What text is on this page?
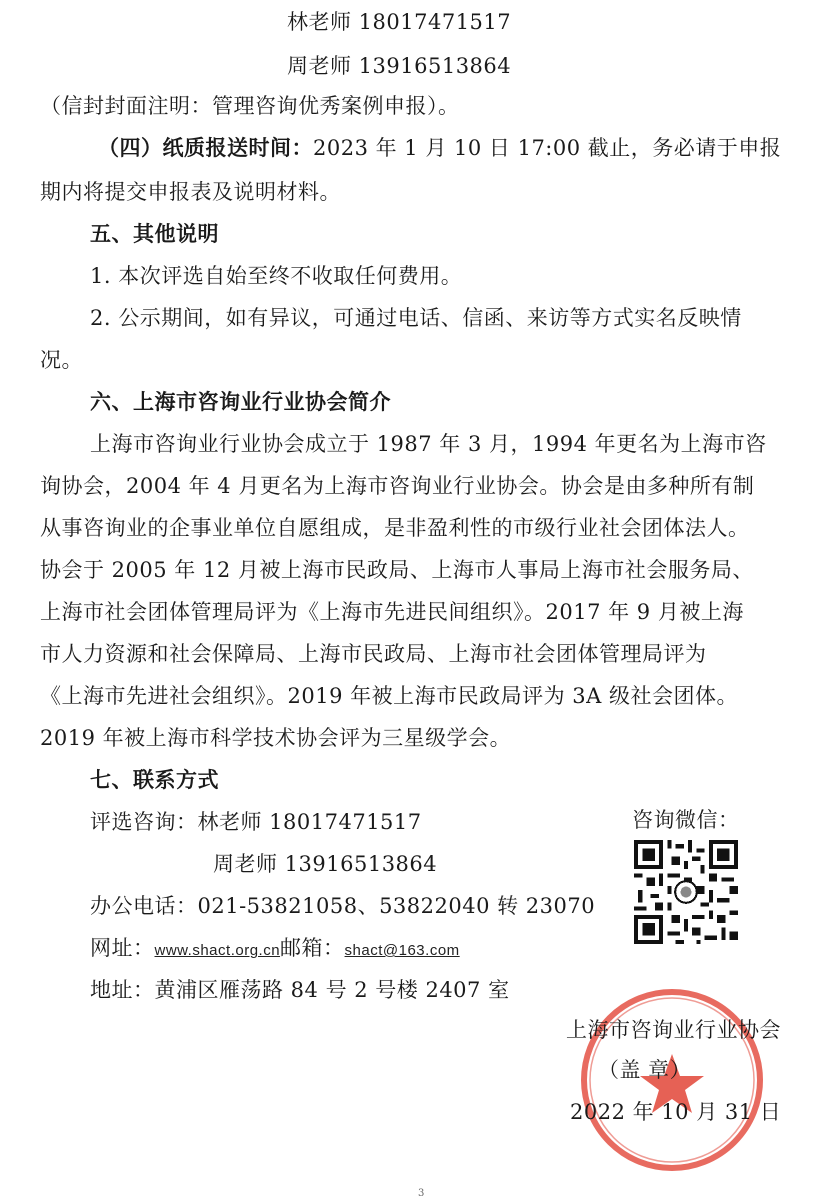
林老师 18017471517
周老师 13916513864
（信封封面注明：管理咨询优秀案例申报）。
（四）纸质报送时间：2023 年 1 月 10 日 17:00 截止，务必请于申报
期内将提交申报表及说明材料。
五、其他说明
1. 本次评选自始至终不收取任何费用。
2. 公示期间，如有异议，可通过电话、信函、来访等方式实名反映情
况。
六、上海市咨询业行业协会简介
上海市咨询业行业协会成立于 1987 年 3 月，1994 年更名为上海市咨
询协会，2004 年 4 月更名为上海市咨询业行业协会。协会是由多种所有制
从事咨询业的企事业单位自愿组成，是非盈利性的市级行业社会团体法人。
协会于 2005 年 12 月被上海市民政局、上海市人事局上海市社会服务局、
上海市社会团体管理局评为《上海市先进民间组织》。2017 年 9 月被上海
市人力资源和社会保障局、上海市民政局、上海市社会团体管理局评为
《上海市先进社会组织》。2019 年被上海市民政局评为 3A 级社会团体。
2019 年被上海市科学技术协会评为三星级学会。
七、联系方式
评选咨询：林老师 18017471517
周老师 13916513864
办公电话：021-53821058、53822040 转 23070
网址：www.shact.org.cn邮箱：shact@163.com
地址：黄浦区雁荡路 84 号 2 号楼 2407 室
咨询微信：
上海市咨询业行业协会
（盖 章）
2022 年 10 月 31 日
3
